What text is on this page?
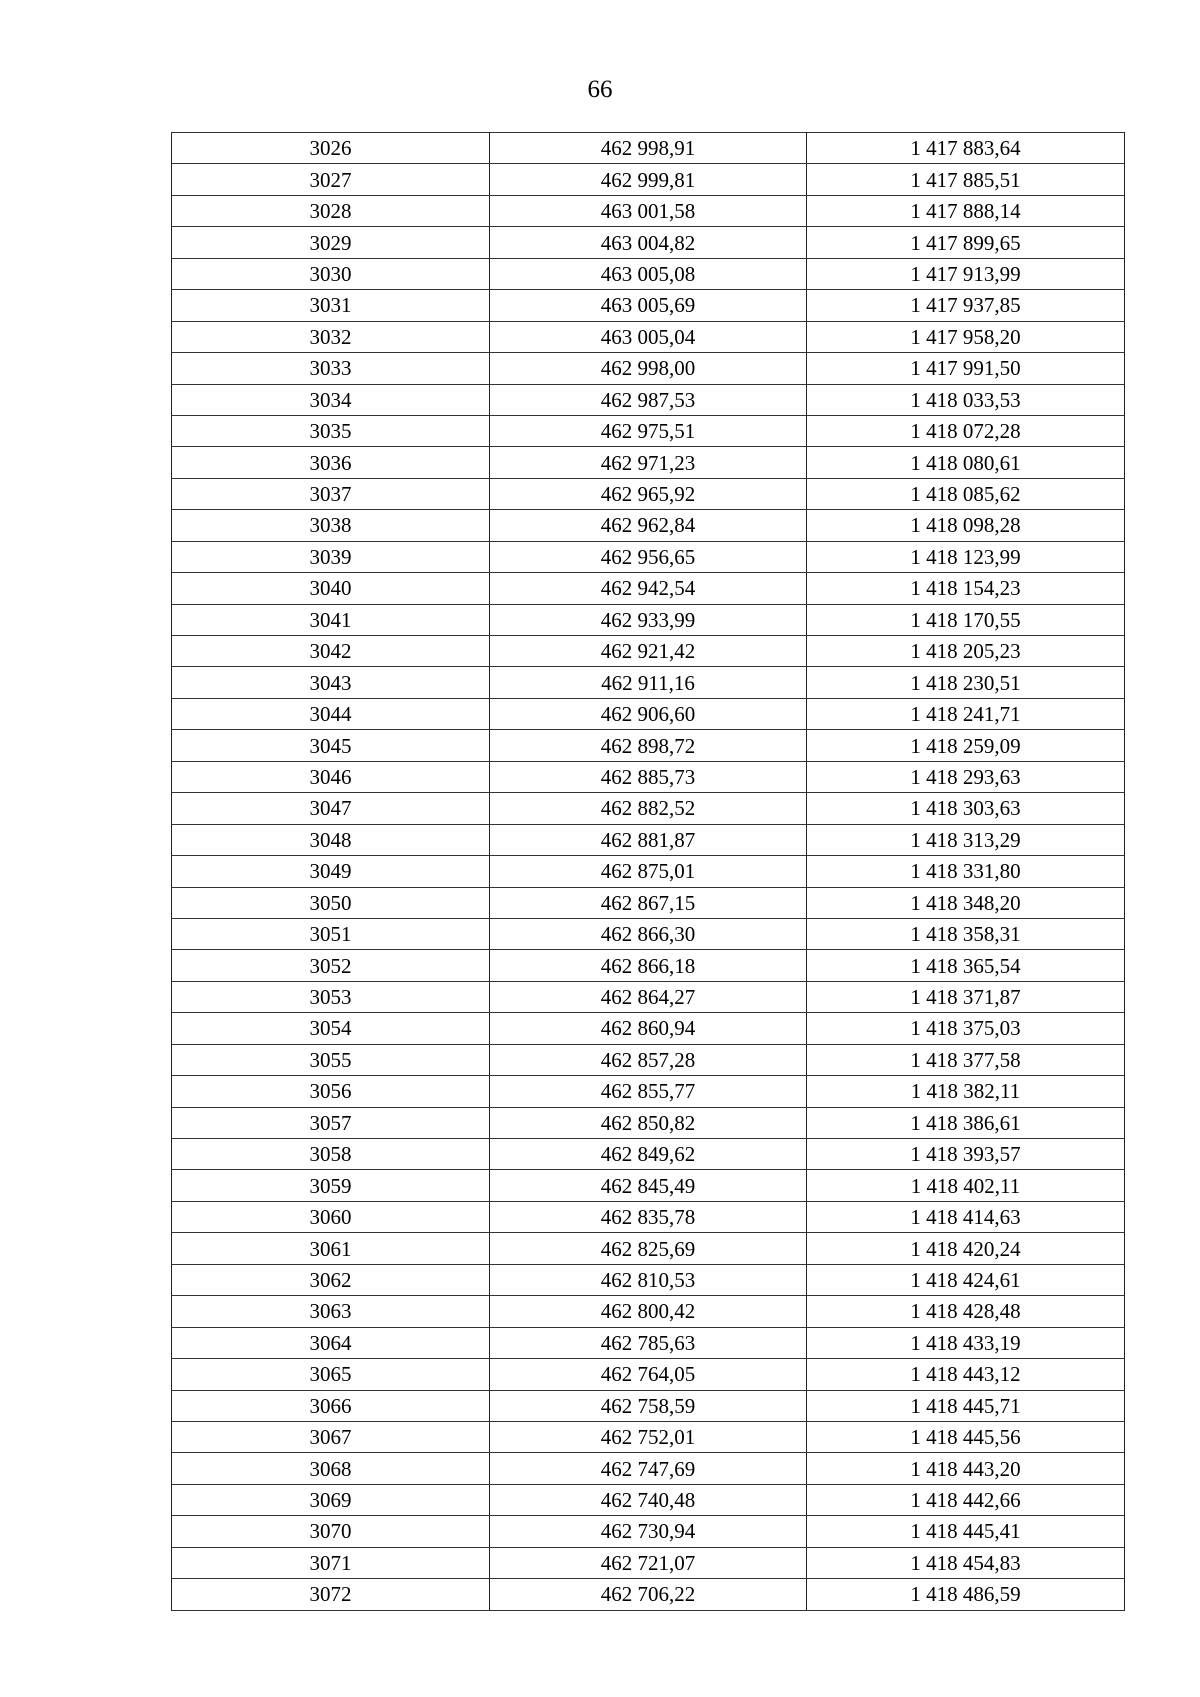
66
3026	462 998,91	1 417 883,64
3027	462 999,81	1 417 885,51
3028	463 001,58	1 417 888,14
3029	463 004,82	1 417 899,65
3030	463 005,08	1 417 913,99
3031	463 005,69	1 417 937,85
3032	463 005,04	1 417 958,20
3033	462 998,00	1 417 991,50
3034	462 987,53	1 418 033,53
3035	462 975,51	1 418 072,28
3036	462 971,23	1 418 080,61
3037	462 965,92	1 418 085,62
3038	462 962,84	1 418 098,28
3039	462 956,65	1 418 123,99
3040	462 942,54	1 418 154,23
3041	462 933,99	1 418 170,55
3042	462 921,42	1 418 205,23
3043	462 911,16	1 418 230,51
3044	462 906,60	1 418 241,71
3045	462 898,72	1 418 259,09
3046	462 885,73	1 418 293,63
3047	462 882,52	1 418 303,63
3048	462 881,87	1 418 313,29
3049	462 875,01	1 418 331,80
3050	462 867,15	1 418 348,20
3051	462 866,30	1 418 358,31
3052	462 866,18	1 418 365,54
3053	462 864,27	1 418 371,87
3054	462 860,94	1 418 375,03
3055	462 857,28	1 418 377,58
3056	462 855,77	1 418 382,11
3057	462 850,82	1 418 386,61
3058	462 849,62	1 418 393,57
3059	462 845,49	1 418 402,11
3060	462 835,78	1 418 414,63
3061	462 825,69	1 418 420,24
3062	462 810,53	1 418 424,61
3063	462 800,42	1 418 428,48
3064	462 785,63	1 418 433,19
3065	462 764,05	1 418 443,12
3066	462 758,59	1 418 445,71
3067	462 752,01	1 418 445,56
3068	462 747,69	1 418 443,20
3069	462 740,48	1 418 442,66
3070	462 730,94	1 418 445,41
3071	462 721,07	1 418 454,83
3072	462 706,22	1 418 486,59
